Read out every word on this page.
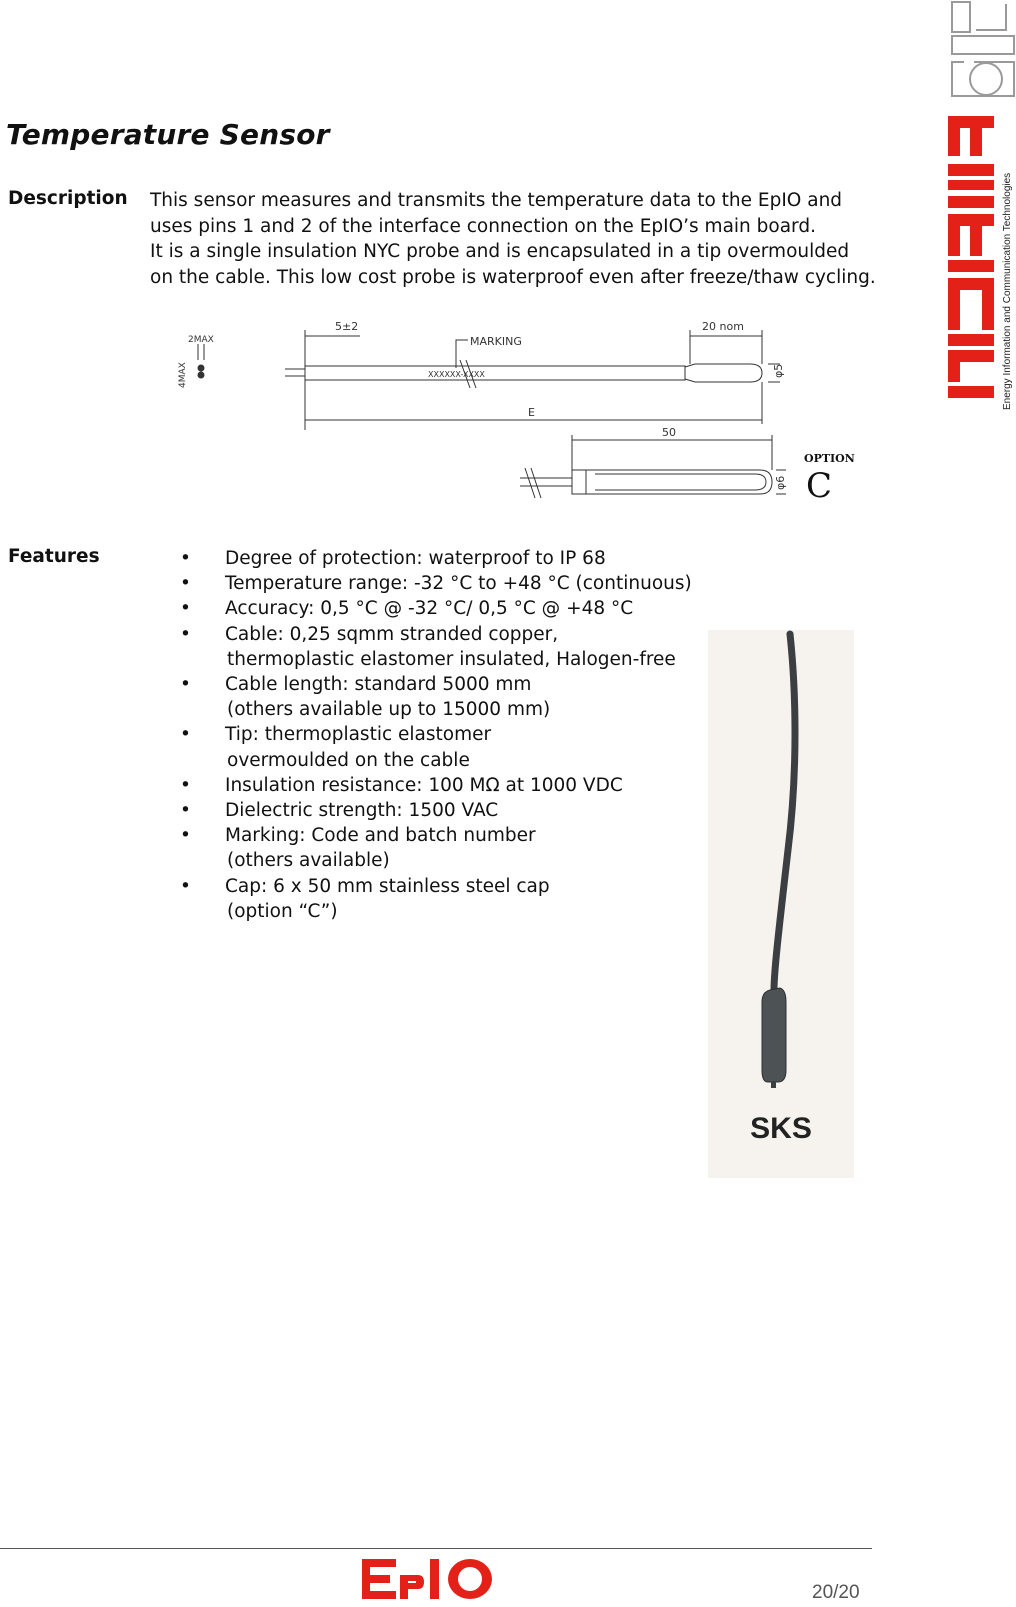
Energy Information and Communication Technologies
Temperature Sensor
Description This sensor measures and transmits the temperature data to the EpIO and
uses pins 1 and 2 of the interface connection on the EpIO’s main board.
It is a single insulation NYC probe and is encapsulated in a tip overmoulded
on the cable. This low cost probe is waterproof even after freeze/thaw cycling.
2MAX
4MAX
5±2
MARKING
XXXXXX-XXXX
20 nom
φ5
E
50
φ6
OPTION
C
Features	•	Degree of protection: waterproof to IP 68
•	Temperature range: -32 °C to +48 °C (continuous)
•	Accuracy: 0,5 °C @ -32 °C/ 0,5 °C @ +48 °C
•	Cable: 0,25 sqmm stranded copper,
thermoplastic elastomer insulated, Halogen-free
•	Cable length: standard 5000 mm
(others available up to 15000 mm)
•	Tip: thermoplastic elastomer
overmoulded on the cable
•	Insulation resistance: 100 MΩ at 1000 VDC
•	Dielectric strength: 1500 VAC
•	Marking: Code and batch number
(others available)
•	Cap: 6 x 50 mm stainless steel cap
(option “C”)
SKS
20/20
